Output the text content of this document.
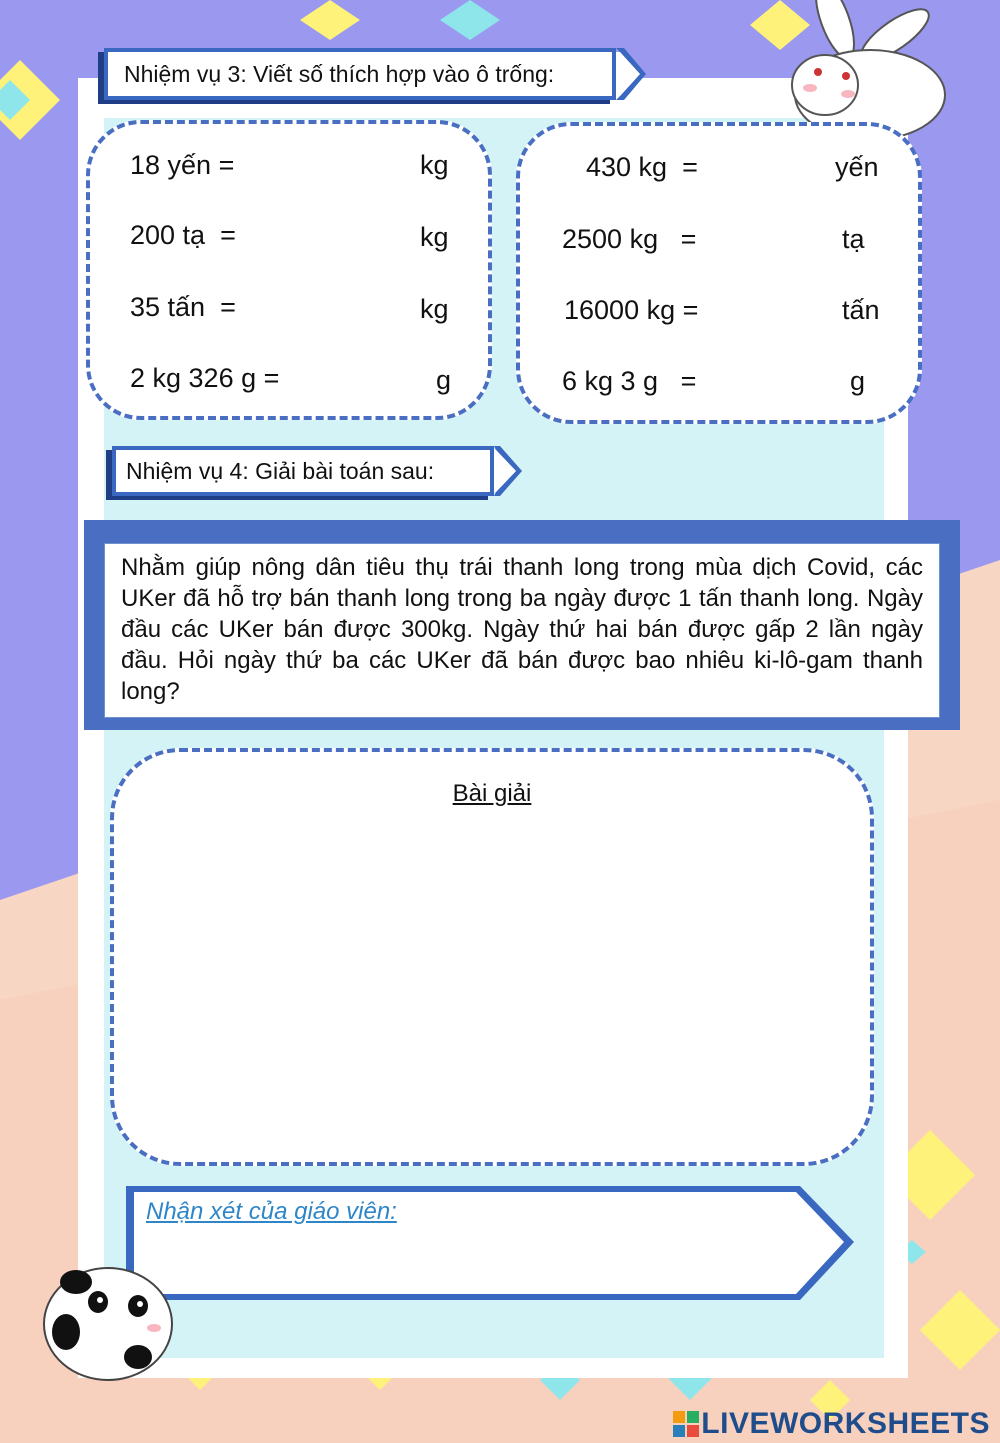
Nhiệm vụ 3: Viết số thích hợp vào ô trống:
18 yến =	kg
200 tạ  =	kg
35 tấn  =	kg
2 kg 326 g =	g
430 kg  =	yến
2500 kg   =	tạ
16000 kg =	tấn
6 kg 3 g   =	g
Nhiệm vụ 4: Giải bài toán sau:
Nhằm giúp nông dân tiêu thụ trái thanh long trong mùa dịch Covid, các UKer đã hỗ trợ bán thanh long trong ba ngày được 1 tấn thanh long. Ngày đầu các UKer bán được 300kg. Ngày thứ hai bán được gấp 2 lần ngày đầu. Hỏi ngày thứ ba các UKer đã bán được bao nhiêu ki-lô-gam thanh long?
Bài giải
Nhận xét của giáo viên:
LIVEWORKSHEETS
